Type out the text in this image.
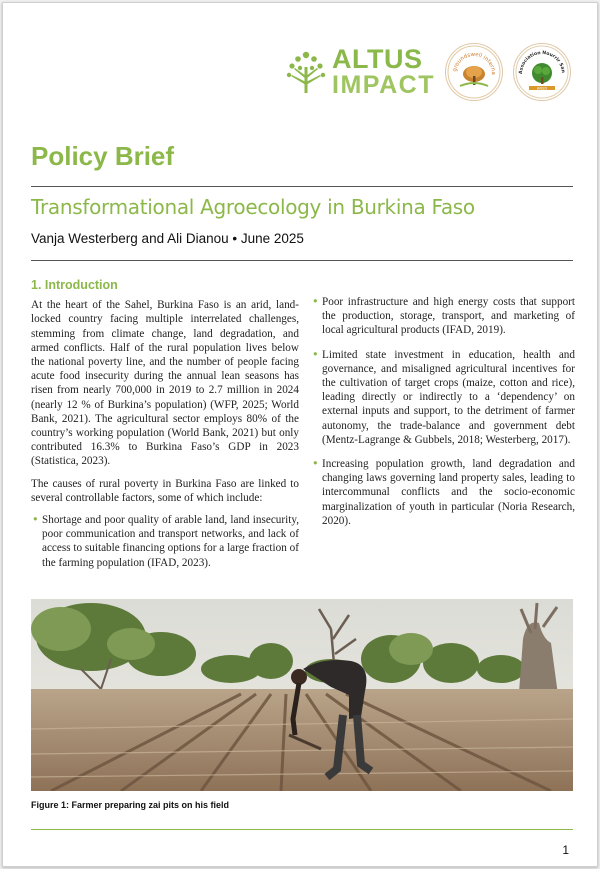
ALTUS
IMPACT
groundswell interna	Association Nourrir San
ANSD
Policy Brief
Transformational Agroecology in Burkina Faso
Vanja Westerberg and Ali Dianou • June 2025
1. Introduction

At the heart of the Sahel, Burkina Faso is an arid, land-locked country facing multiple interrelated challenges, stemming from climate change, land degradation, and armed conflicts. Half of the rural population lives below the national poverty line, and the number of people facing acute food insecurity during the annual lean seasons has risen from nearly 700,000 in 2019 to 2.7 million in 2024 (nearly 12 % of Burkina’s population) (WFP, 2025; World Bank, 2021). The agricultural sector employs 80% of the country’s working population (World Bank, 2021) but only contributed 16.3% to Burkina Faso’s GDP in 2023 (Statistica, 2023).

The causes of rural poverty in Burkina Faso are linked to several controllable factors, some of which include:

• Shortage and poor quality of arable land, land insecurity, poor communication and transport networks, and lack of access to suitable financing options for a large fraction of the farming population (IFAD, 2023).
• Poor infrastructure and high energy costs that support the production, storage, transport, and marketing of local agricultural products (IFAD, 2019).
• Limited state investment in education, health and governance, and misaligned agricultural incentives for the cultivation of target crops (maize, cotton and rice), leading directly or indirectly to a ‘dependency’ on external inputs and support, to the detriment of farmer autonomy, the trade-balance and government debt (Mentz-Lagrange & Gubbels, 2018; Westerberg, 2017).
• Increasing population growth, land degradation and changing laws governing land property sales, leading to intercommunal conflicts and the socio-economic marginalization of youth in particular (Noria Research, 2020).
Figure 1: Farmer preparing zai pits on his field
1
